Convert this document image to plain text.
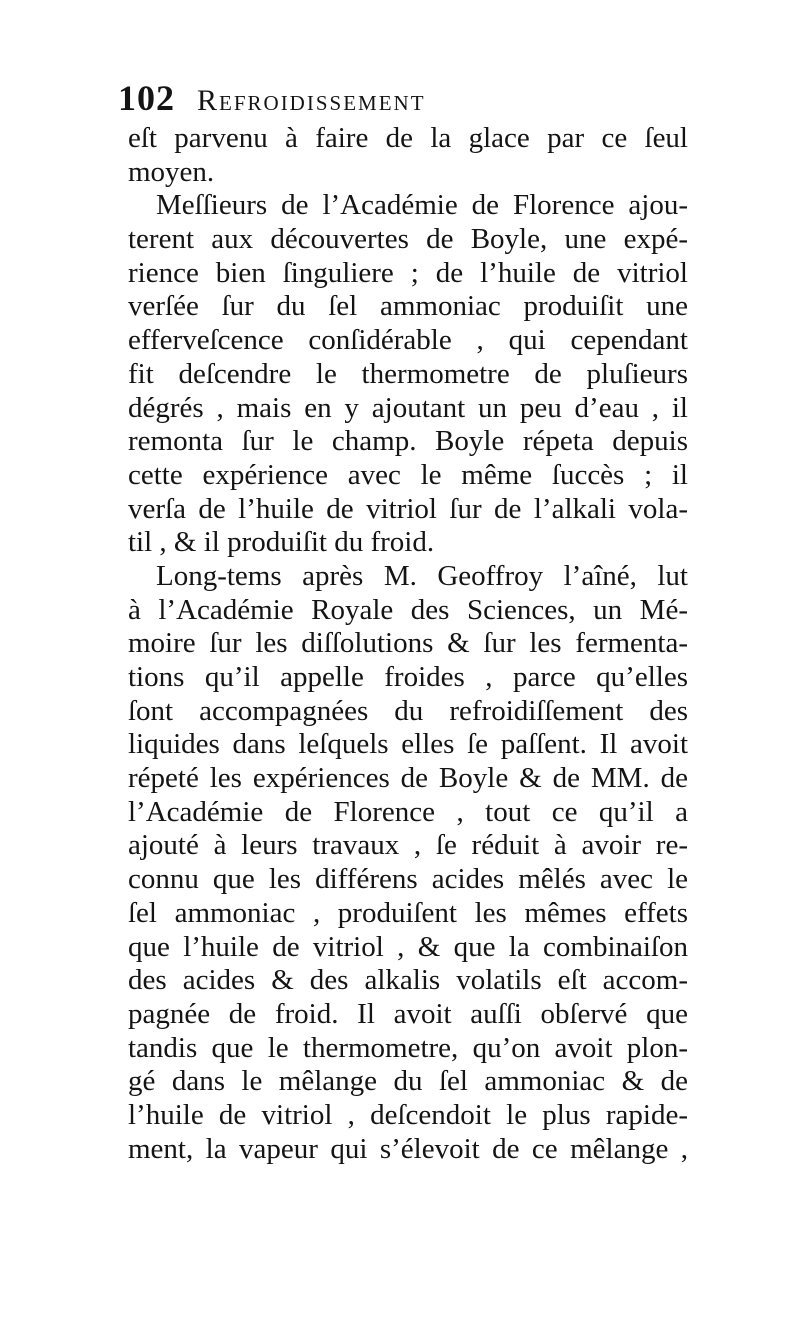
102 Refroidissement
eſt parvenu à faire de la glace par ce ſeul
moyen.
Meſſieurs de l’Académie de Florence ajou-
terent aux découvertes de Boyle, une expé-
rience bien ſinguliere ; de l’huile de vitriol
verſée ſur du ſel ammoniac produiſit une
effervеſcence conſidérable , qui cependant
fit deſcendre le thermometre de pluſieurs
dégrés , mais en y ajoutant un peu d’eau , il
remonta ſur le champ. Boyle répeta depuis
cette expérience avec le même ſuccès ; il
verſa de l’huile de vitriol ſur de l’alkali vola-
til , & il produiſit du froid.
Long-tems après M. Geoffroy l’aîné, lut
à l’Académie Royale des Sciences, un Mé-
moire ſur les diſſolutions & ſur les fermenta-
tions qu’il appelle froides , parce qu’elles
ſont accompagnées du refroidiſſement des
liquides dans leſquels elles ſe paſſent. Il avoit
répeté les expériences de Boyle & de MM. de
l’Académie de Florence , tout ce qu’il a
ajouté à leurs travaux , ſe réduit à avoir re-
connu que les différens acides mêlés avec le
ſel ammoniac , produiſent les mêmes effets
que l’huile de vitriol , & que la combinaiſon
des acides & des alkalis volatils eſt accom-
pagnée de froid. Il avoit auſſi obſervé que
tandis que le thermometre, qu’on avoit plon-
gé dans le mêlange du ſel ammoniac & de
l’huile de vitriol , deſcendoit le plus rapide-
ment, la vapeur qui s’élevoit de ce mêlange ,
